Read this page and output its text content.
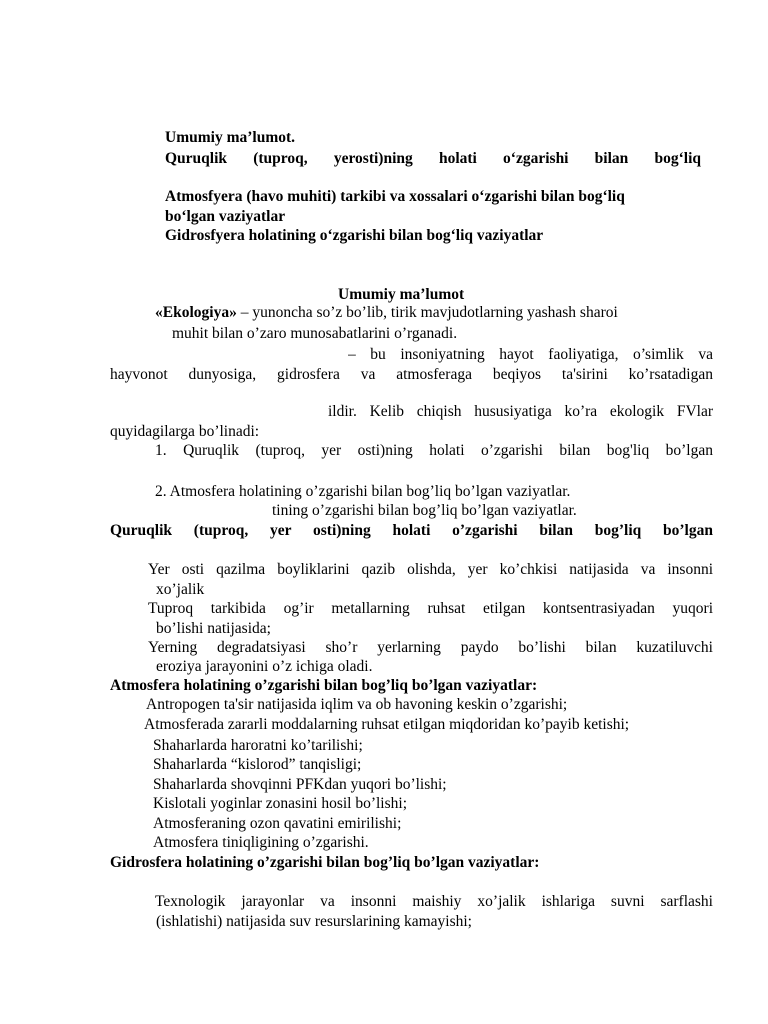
Umumiy ma’lumot.
Quruqlik (tuproq, yerosti)ning holati o‘zgarishi bilan bog‘liq
Atmosfyera (havo muhiti) tarkibi va xossalari o‘zgarishi bilan bog‘liq
bo‘lgan vaziyatlar
Gidrosfyera holatining o‘zgarishi bilan bog‘liq vaziyatlar
Umumiy ma’lumot
«Ekologiya» – yunoncha so’z bo’lib, tirik mavjudotlarning yashash sharoi
muhit bilan o’zaro munosabatlarini o’rganadi.
– bu insoniyatning hayot faoliyatiga, o’simlik va
hayvonot dunyosiga, gidrosfera va atmosferaga beqiyos ta'sirini ko’rsatadigan
ildir. Kelib chiqish hususiyatiga ko’ra ekologik FVlar
quyidagilarga bo’linadi:
1. Quruqlik (tuproq, yer osti)ning holati o’zgarishi bilan bog'liq bo’lgan
2. Atmosfera holatining o’zgarishi bilan bog’liq bo’lgan vaziyatlar.
tining o’zgarishi bilan bog’liq bo’lgan vaziyatlar.
Quruqlik (tuproq, yer osti)ning holati o’zgarishi bilan bog’liq bo’lgan
Yer osti qazilma boyliklarini qazib olishda, yer ko’chkisi natijasida va insonni
xo’jalik
Tuproq tarkibida og’ir metallarning ruhsat etilgan kontsentrasiyadan yuqori
bo’lishi natijasida;
Yerning degradatsiyasi sho’r yerlarning paydo bo’lishi bilan kuzatiluvchi
eroziya jarayonini o’z ichiga oladi.
Atmosfera holatining o’zgarishi bilan bog’liq bo’lgan vaziyatlar:
Antropogen ta'sir natijasida iqlim va ob havoning keskin o’zgarishi;
Atmosferada zararli moddalarning ruhsat etilgan miqdoridan ko’payib ketishi;
Shaharlarda haroratni ko’tarilishi;
Shaharlarda “kislorod” tanqisligi;
Shaharlarda shovqinni PFKdan yuqori bo’lishi;
Kislotali yoginlar zonasini hosil bo’lishi;
Atmosferaning ozon qavatini emirilishi;
Atmosfera tiniqligining o’zgarishi.
Gidrosfera holatining o’zgarishi bilan bog’liq bo’lgan vaziyatlar:
Texnologik jarayonlar va insonni maishiy xo’jalik ishlariga suvni sarflashi
(ishlatishi) natijasida suv resurslarining kamayishi;
